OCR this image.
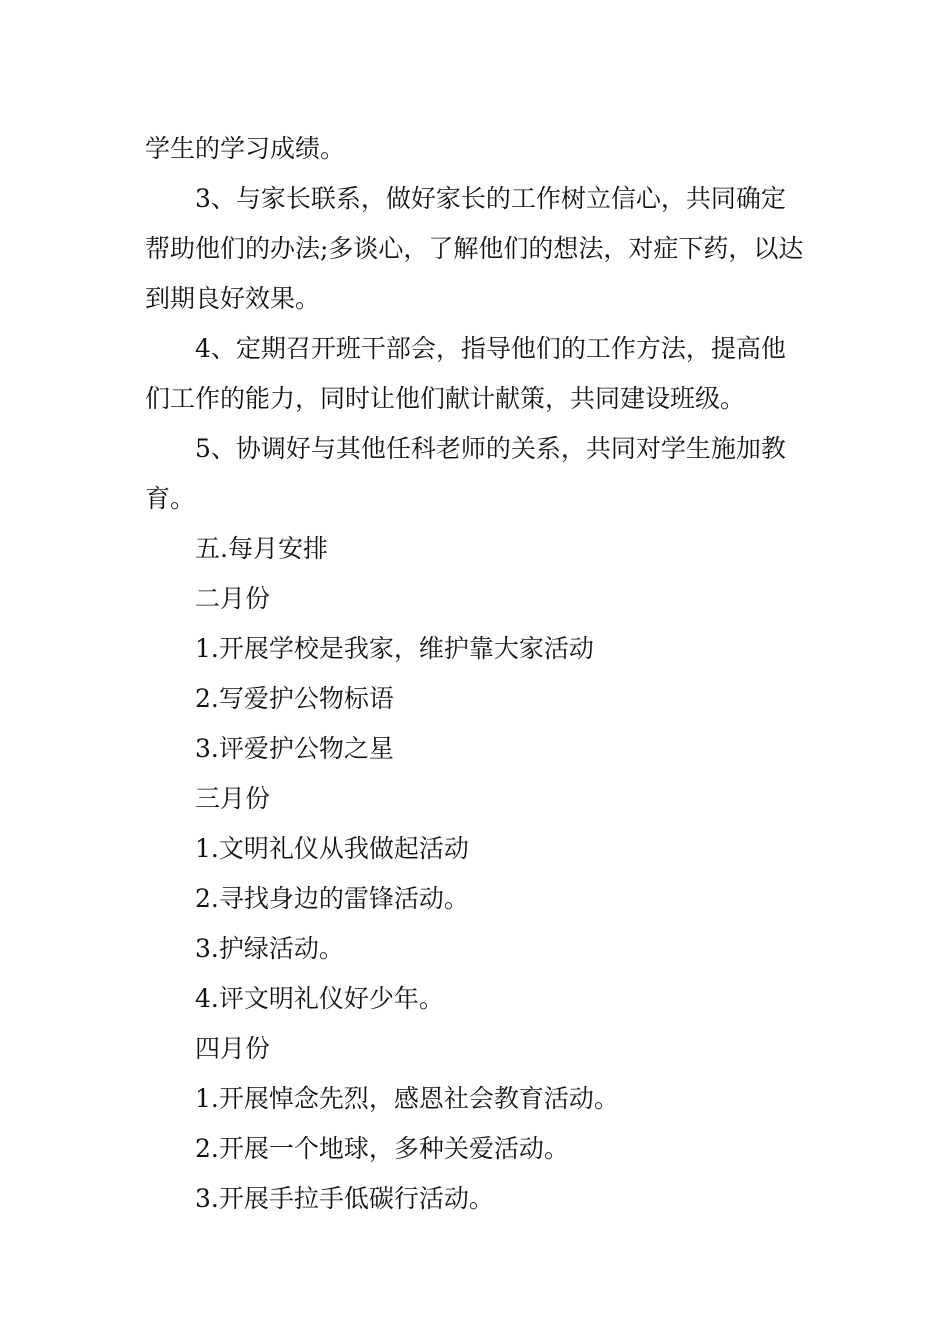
学生的学习成绩。

3、与家长联系，做好家长的工作树立信心，共同确定帮助他们的办法;多谈心，了解他们的想法，对症下药，以达到期良好效果。

4、定期召开班干部会，指导他们的工作方法，提高他们工作的能力，同时让他们献计献策，共同建设班级。

5、协调好与其他任科老师的关系，共同对学生施加教育。

五.每月安排

二月份

1.开展学校是我家，维护靠大家活动

2.写爱护公物标语

3.评爱护公物之星

三月份

1.文明礼仪从我做起活动

2.寻找身边的雷锋活动。

3.护绿活动。

4.评文明礼仪好少年。

四月份

1.开展悼念先烈，感恩社会教育活动。

2.开展一个地球，多种关爱活动。

3.开展手拉手低碳行活动。
